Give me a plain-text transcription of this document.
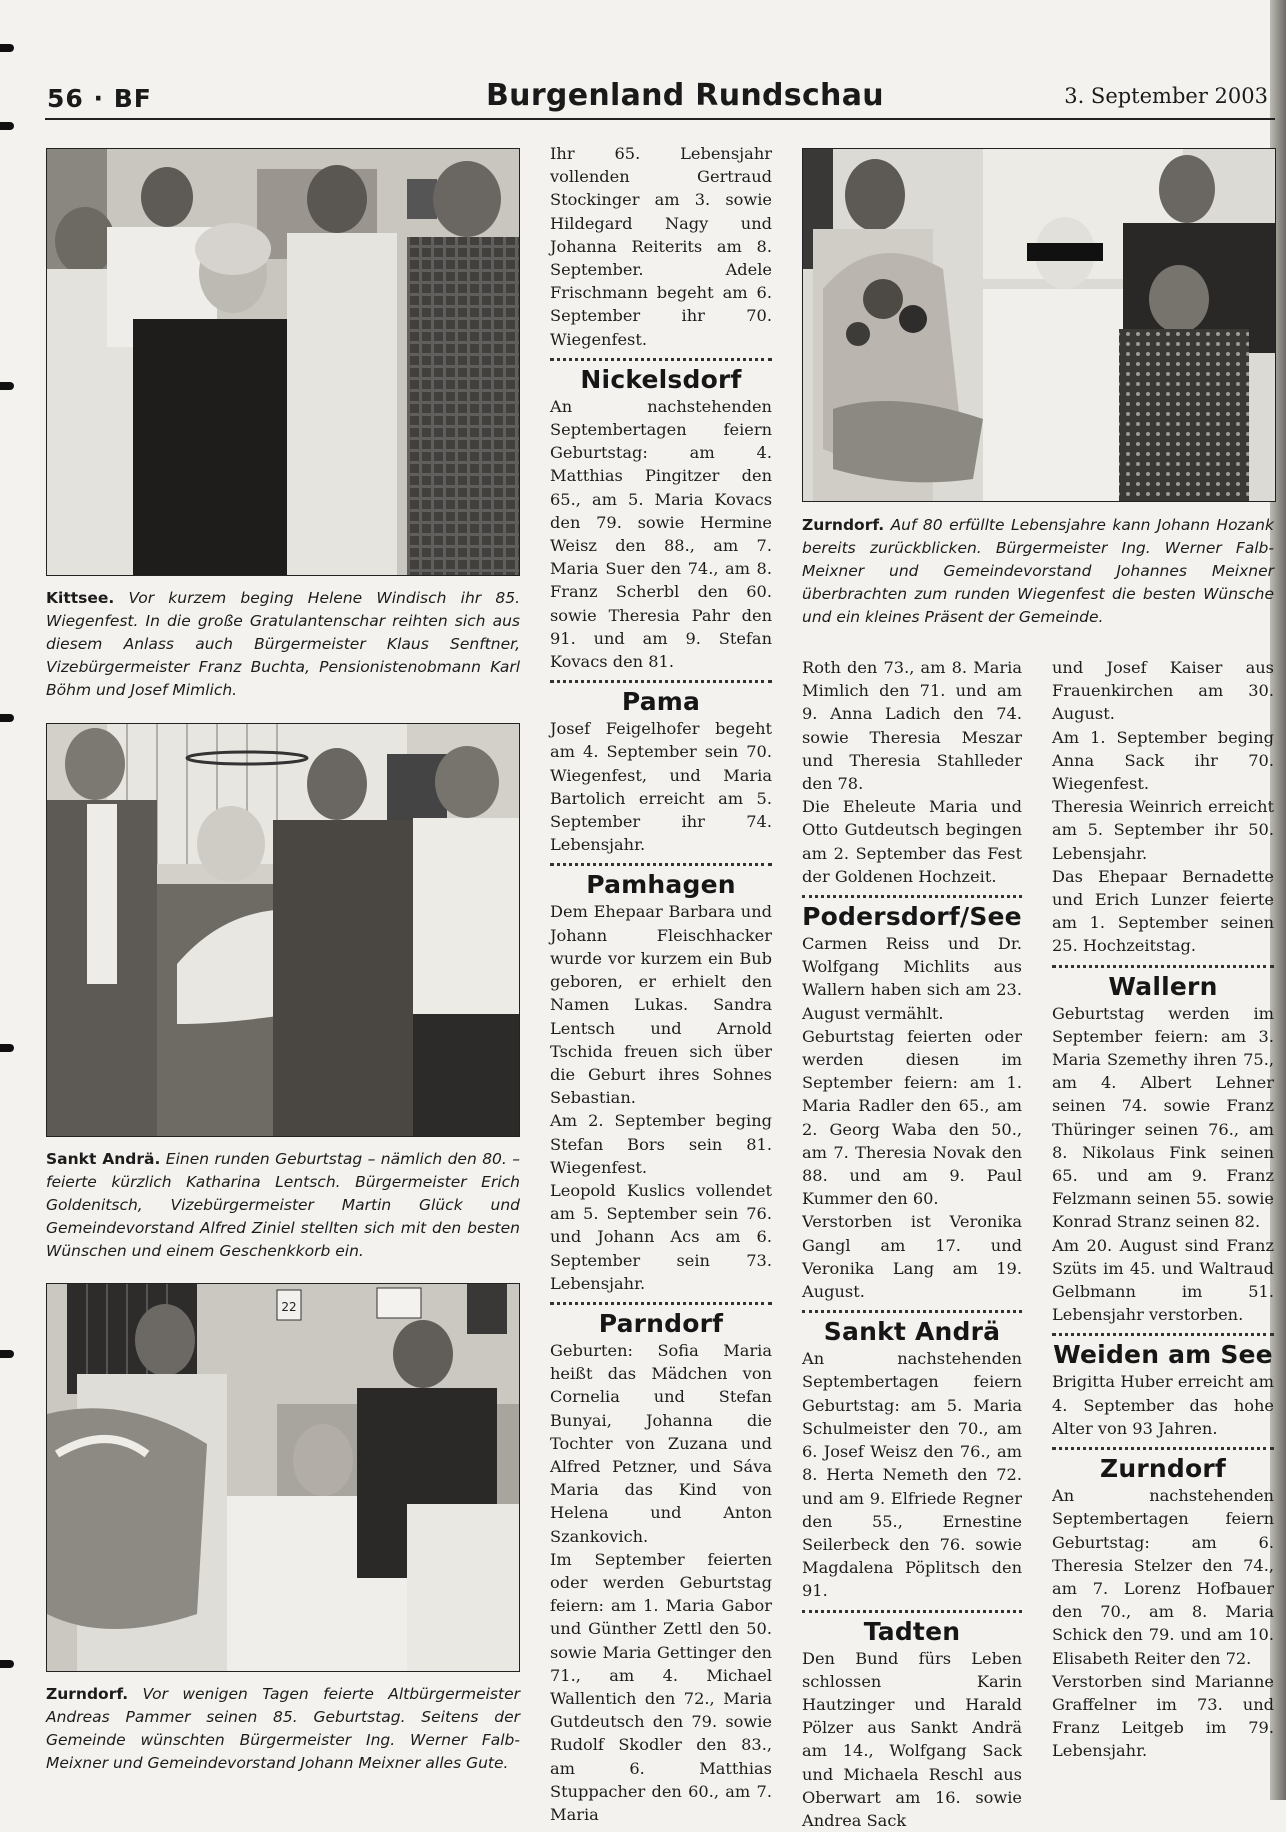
56 · BF	Burgenland Rundschau	3. September 2003
Kittsee. Vor kurzem beging Helene Windisch ihr 85. Wiegenfest. In die große Gratulantenschar reihten sich aus diesem Anlass auch Bürgermeister Klaus Senftner, Vizebürgermeister Franz Buchta, Pensionistenobmann Karl Böhm und Josef Mimlich.
Sankt Andrä. Einen runden Geburtstag – nämlich den 80. – feierte kürzlich Katharina Lentsch. Bürgermeister Erich Goldenitsch, Vizebürgermeister Martin Glück und Gemeindevorstand Alfred Ziniel stellten sich mit den besten Wünschen und einem Geschenkkorb ein.
22
Zurndorf. Vor wenigen Tagen feierte Altbürgermeister Andreas Pammer seinen 85. Geburtstag. Seitens der Gemeinde wünschten Bürgermeister Ing. Werner Falb-Meixner und Gemeindevorstand Johann Meixner alles Gute.
Zurndorf. Auf 80 erfüllte Lebensjahre kann Johann Hozank bereits zurückblicken. Bürgermeister Ing. Werner Falb-Meixner und Gemeindevorstand Johannes Meixner überbrachten zum runden Wiegenfest die besten Wünsche und ein kleines Präsent der Gemeinde.

Ihr 65. Lebensjahr vollenden Gertraud Stockinger am 3. sowie Hildegard Nagy und Johanna Reiterits am 8. September. Adele Frischmann begeht am 6. September ihr 70. Wiegenfest.

Nickelsdorf

An nachstehenden Septembertagen feiern Geburtstag: am 4. Matthias Pingitzer den 65., am 5. Maria Kovacs den 79. sowie Hermine Weisz den 88., am 7. Maria Suer den 74., am 8. Franz Scherbl den 60. sowie Theresia Pahr den 91. und am 9. Stefan Kovacs den 81.

Pama

Josef Feigelhofer begeht am 4. September sein 70. Wiegenfest, und Maria Bartolich erreicht am 5. September ihr 74. Lebensjahr.

Pamhagen

Dem Ehepaar Barbara und Johann Fleischhacker wurde vor kurzem ein Bub geboren, er erhielt den Namen Lukas. Sandra Lentsch und Arnold Tschida freuen sich über die Geburt ihres Sohnes Sebastian.

Am 2. September beging Stefan Bors sein 81. Wiegenfest.

Leopold Kuslics vollendet am 5. September sein 76. und Johann Acs am 6. September sein 73. Lebensjahr.

Parndorf

Geburten: Sofia Maria heißt das Mädchen von Cornelia und Stefan Bunyai, Johanna die Tochter von Zuzana und Alfred Petzner, und Sáva Maria das Kind von Helena und Anton Szankovich.

Im September feierten oder werden Geburtstag feiern: am 1. Maria Gabor und Günther Zettl den 50. sowie Maria Gettinger den 71., am 4. Michael Wallentich den 72., Maria Gutdeutsch den 79. sowie Rudolf Skodler den 83., am 6. Matthias Stuppacher den 60., am 7. Maria

Roth den 73., am 8. Maria Mimlich den 71. und am 9. Anna Ladich den 74. sowie Theresia Meszar und Theresia Stahlleder den 78.

Die Eheleute Maria und Otto Gutdeutsch begingen am 2. September das Fest der Goldenen Hochzeit.

Podersdorf/See

Carmen Reiss und Dr. Wolfgang Michlits aus Wallern haben sich am 23. August vermählt.

Geburtstag feierten oder werden diesen im September feiern: am 1. Maria Radler den 65., am 2. Georg Waba den 50., am 7. Theresia Novak den 88. und am 9. Paul Kummer den 60.

Verstorben ist Veronika Gangl am 17. und Veronika Lang am 19. August.

Sankt Andrä

An nachstehenden Septembertagen feiern Geburtstag: am 5. Maria Schulmeister den 70., am 6. Josef Weisz den 76., am 8. Herta Nemeth den 72. und am 9. Elfriede Regner den 55., Ernestine Seilerbeck den 76. sowie Magdalena Pöplitsch den 91.

Tadten

Den Bund fürs Leben schlossen Karin Hautzinger und Harald Pölzer aus Sankt Andrä am 14., Wolfgang Sack und Michaela Reschl aus Oberwart am 16. sowie Andrea Sack

und Josef Kaiser aus Frauenkirchen am 30. August.

Am 1. September beging Anna Sack ihr 70. Wiegenfest.

Theresia Weinrich erreicht am 5. September ihr 50. Lebensjahr.

Das Ehepaar Bernadette und Erich Lunzer feierte am 1. September seinen 25. Hochzeitstag.

Wallern

Geburtstag werden im September feiern: am 3. Maria Szemethy ihren 75., am 4. Albert Lehner seinen 74. sowie Franz Thüringer seinen 76., am 8. Nikolaus Fink seinen 65. und am 9. Franz Felzmann seinen 55. sowie Konrad Stranz seinen 82.

Am 20. August sind Franz Szüts im 45. und Waltraud Gelbmann im 51. Lebensjahr verstorben.

Weiden am See

Brigitta Huber erreicht am 4. September das hohe Alter von 93 Jahren.

Zurndorf

An nachstehenden Septembertagen feiern Geburtstag: am 6. Theresia Stelzer den 74., am 7. Lorenz Hofbauer den 70., am 8. Maria Schick den 79. und am 10. Elisabeth Reiter den 72.

Verstorben sind Marianne Graffelner im 73. und Franz Leitgeb im 79. Lebensjahr.
